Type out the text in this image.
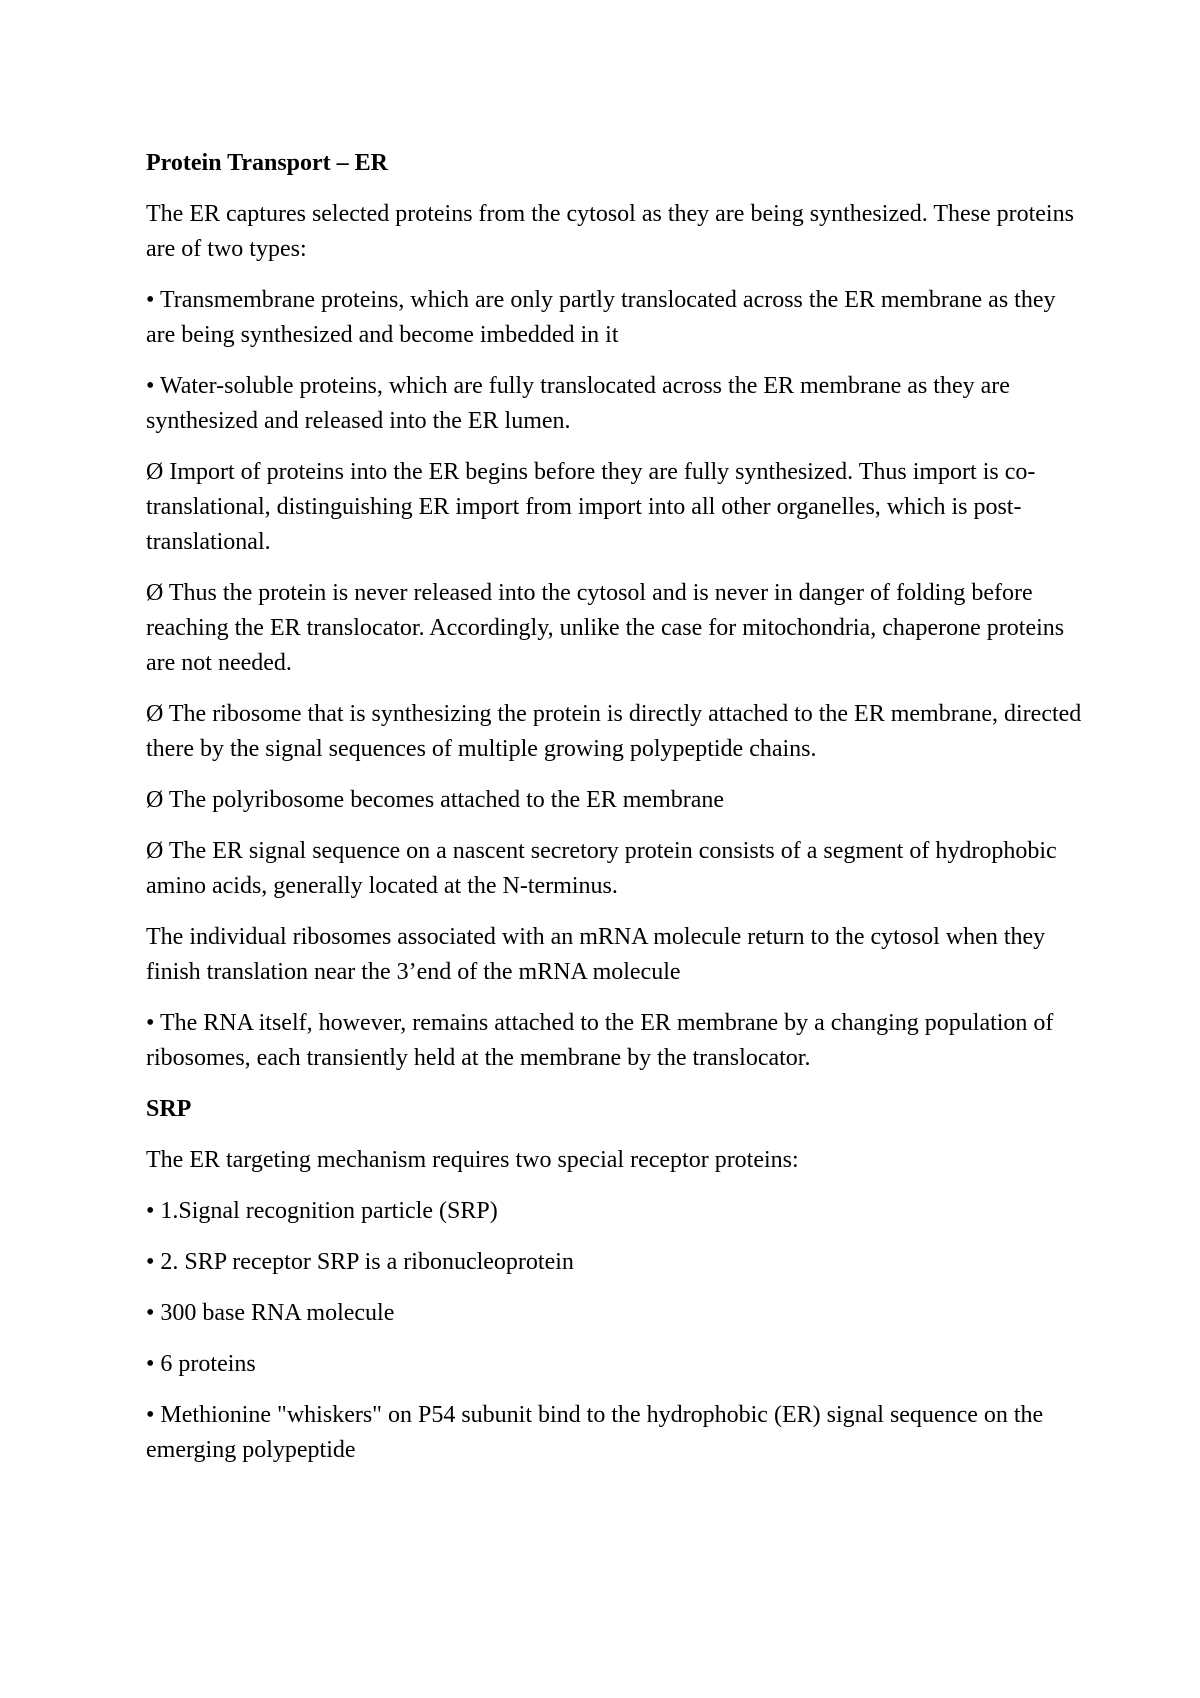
Protein Transport – ER

The ER captures selected proteins from the cytosol as they are being synthesized. These proteins are of two types:

• Transmembrane proteins, which are only partly translocated across the ER membrane as they are being synthesized and become imbedded in it

• Water-soluble proteins, which are fully translocated across the ER membrane as they are synthesized and released into the ER lumen.

Ø Import of proteins into the ER begins before they are fully synthesized. Thus import is co-translational, distinguishing ER import from import into all other organelles, which is post-translational.

Ø Thus the protein is never released into the cytosol and is never in danger of folding before reaching the ER translocator. Accordingly, unlike the case for mitochondria, chaperone proteins are not needed.

Ø The ribosome that is synthesizing the protein is directly attached to the ER membrane, directed there by the signal sequences of multiple growing polypeptide chains.

Ø The polyribosome becomes attached to the ER membrane

Ø The ER signal sequence on a nascent secretory protein consists of a segment of hydrophobic amino acids, generally located at the N-terminus.

The individual ribosomes associated with an mRNA molecule return to the cytosol when they finish translation near the 3’end of the mRNA molecule

• The RNA itself, however, remains attached to the ER membrane by a changing population of ribosomes, each transiently held at the membrane by the translocator.

SRP

The ER targeting mechanism requires two special receptor proteins:

• 1.Signal recognition particle (SRP)

• 2. SRP receptor SRP is a ribonucleoprotein

• 300 base RNA molecule

• 6 proteins

• Methionine "whiskers" on P54 subunit bind to the hydrophobic (ER) signal sequence on the emerging polypeptide
